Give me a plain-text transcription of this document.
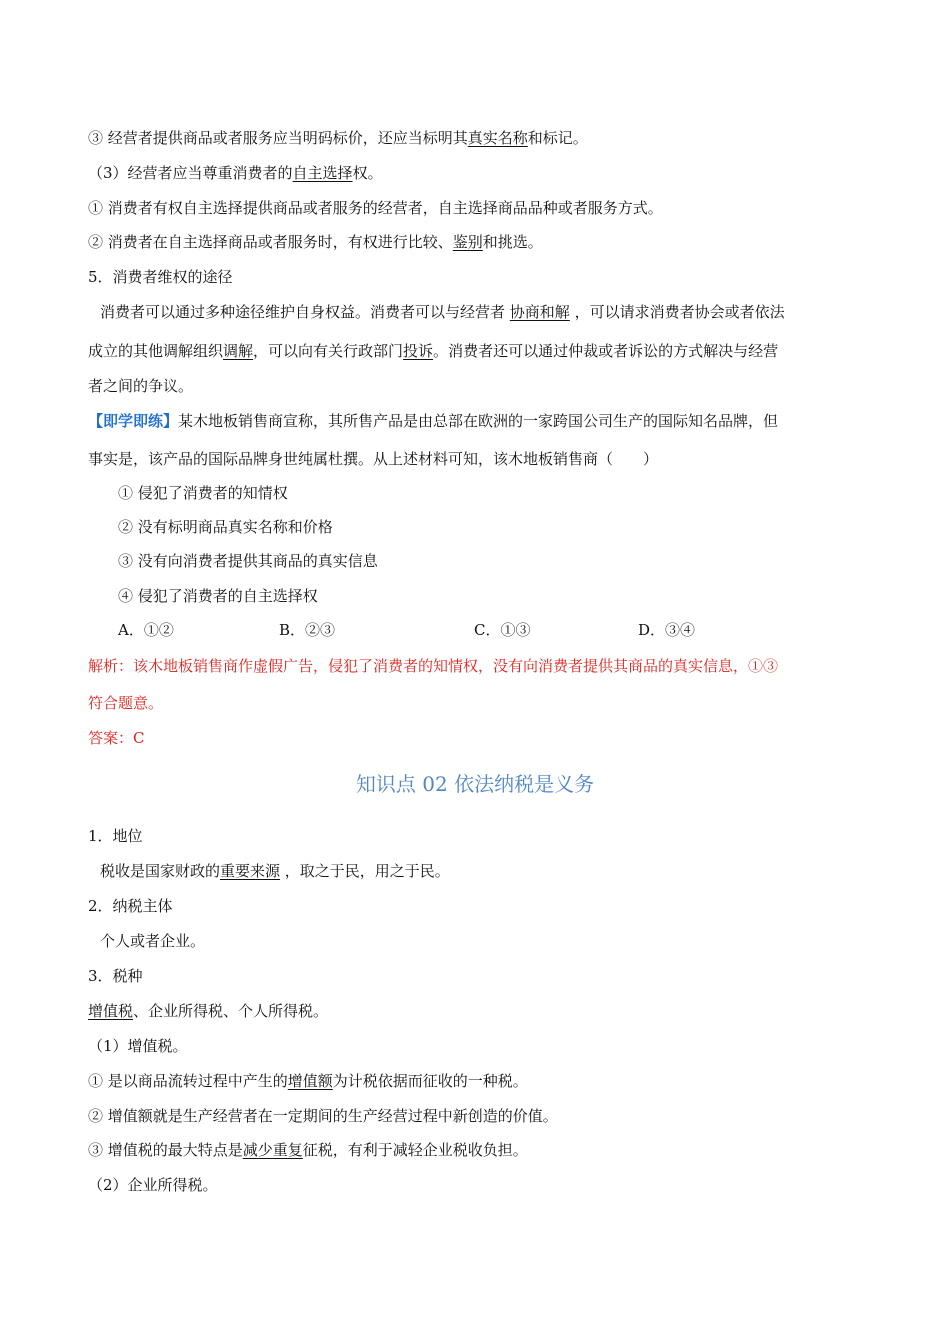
③ 经营者提供商品或者服务应当明码标价，还应当标明其真实名称和标记。
（3）经营者应当尊重消费者的自主选择权。
① 消费者有权自主选择提供商品或者服务的经营者，自主选择商品品种或者服务方式。
② 消费者在自主选择商品或者服务时，有权进行比较、鉴别和挑选。
5．消费者维权的途径
消费者可以通过多种途径维护自身权益。消费者可以与经营者 协商和解 ，可以请求消费者协会或者依法
成立的其他调解组织调解，可以向有关行政部门投诉。消费者还可以通过仲裁或者诉讼的方式解决与经营
者之间的争议。
【即学即练】某木地板销售商宣称，其所售产品是由总部在欧洲的一家跨国公司生产的国际知名品牌，但
事实是，该产品的国际品牌身世纯属杜撰。从上述材料可知，该木地板销售商（　　）
① 侵犯了消费者的知情权
② 没有标明商品真实名称和价格
③ 没有向消费者提供其商品的真实信息
④ 侵犯了消费者的自主选择权
A．①②	B．②③	C．①③	D．③④
解析：该木地板销售商作虚假广告，侵犯了消费者的知情权，没有向消费者提供其商品的真实信息，①③
符合题意。
答案：C
知识点 02 依法纳税是义务
1．地位
税收是国家财政的重要来源 ，取之于民，用之于民。
2．纳税主体
个人或者企业。
3．税种
增值税、企业所得税、个人所得税。
（1）增值税。
① 是以商品流转过程中产生的增值额为计税依据而征收的一种税。
② 增值额就是生产经营者在一定期间的生产经营过程中新创造的价值。
③ 增值税的最大特点是减少重复征税，有利于减轻企业税收负担。
（2）企业所得税。
